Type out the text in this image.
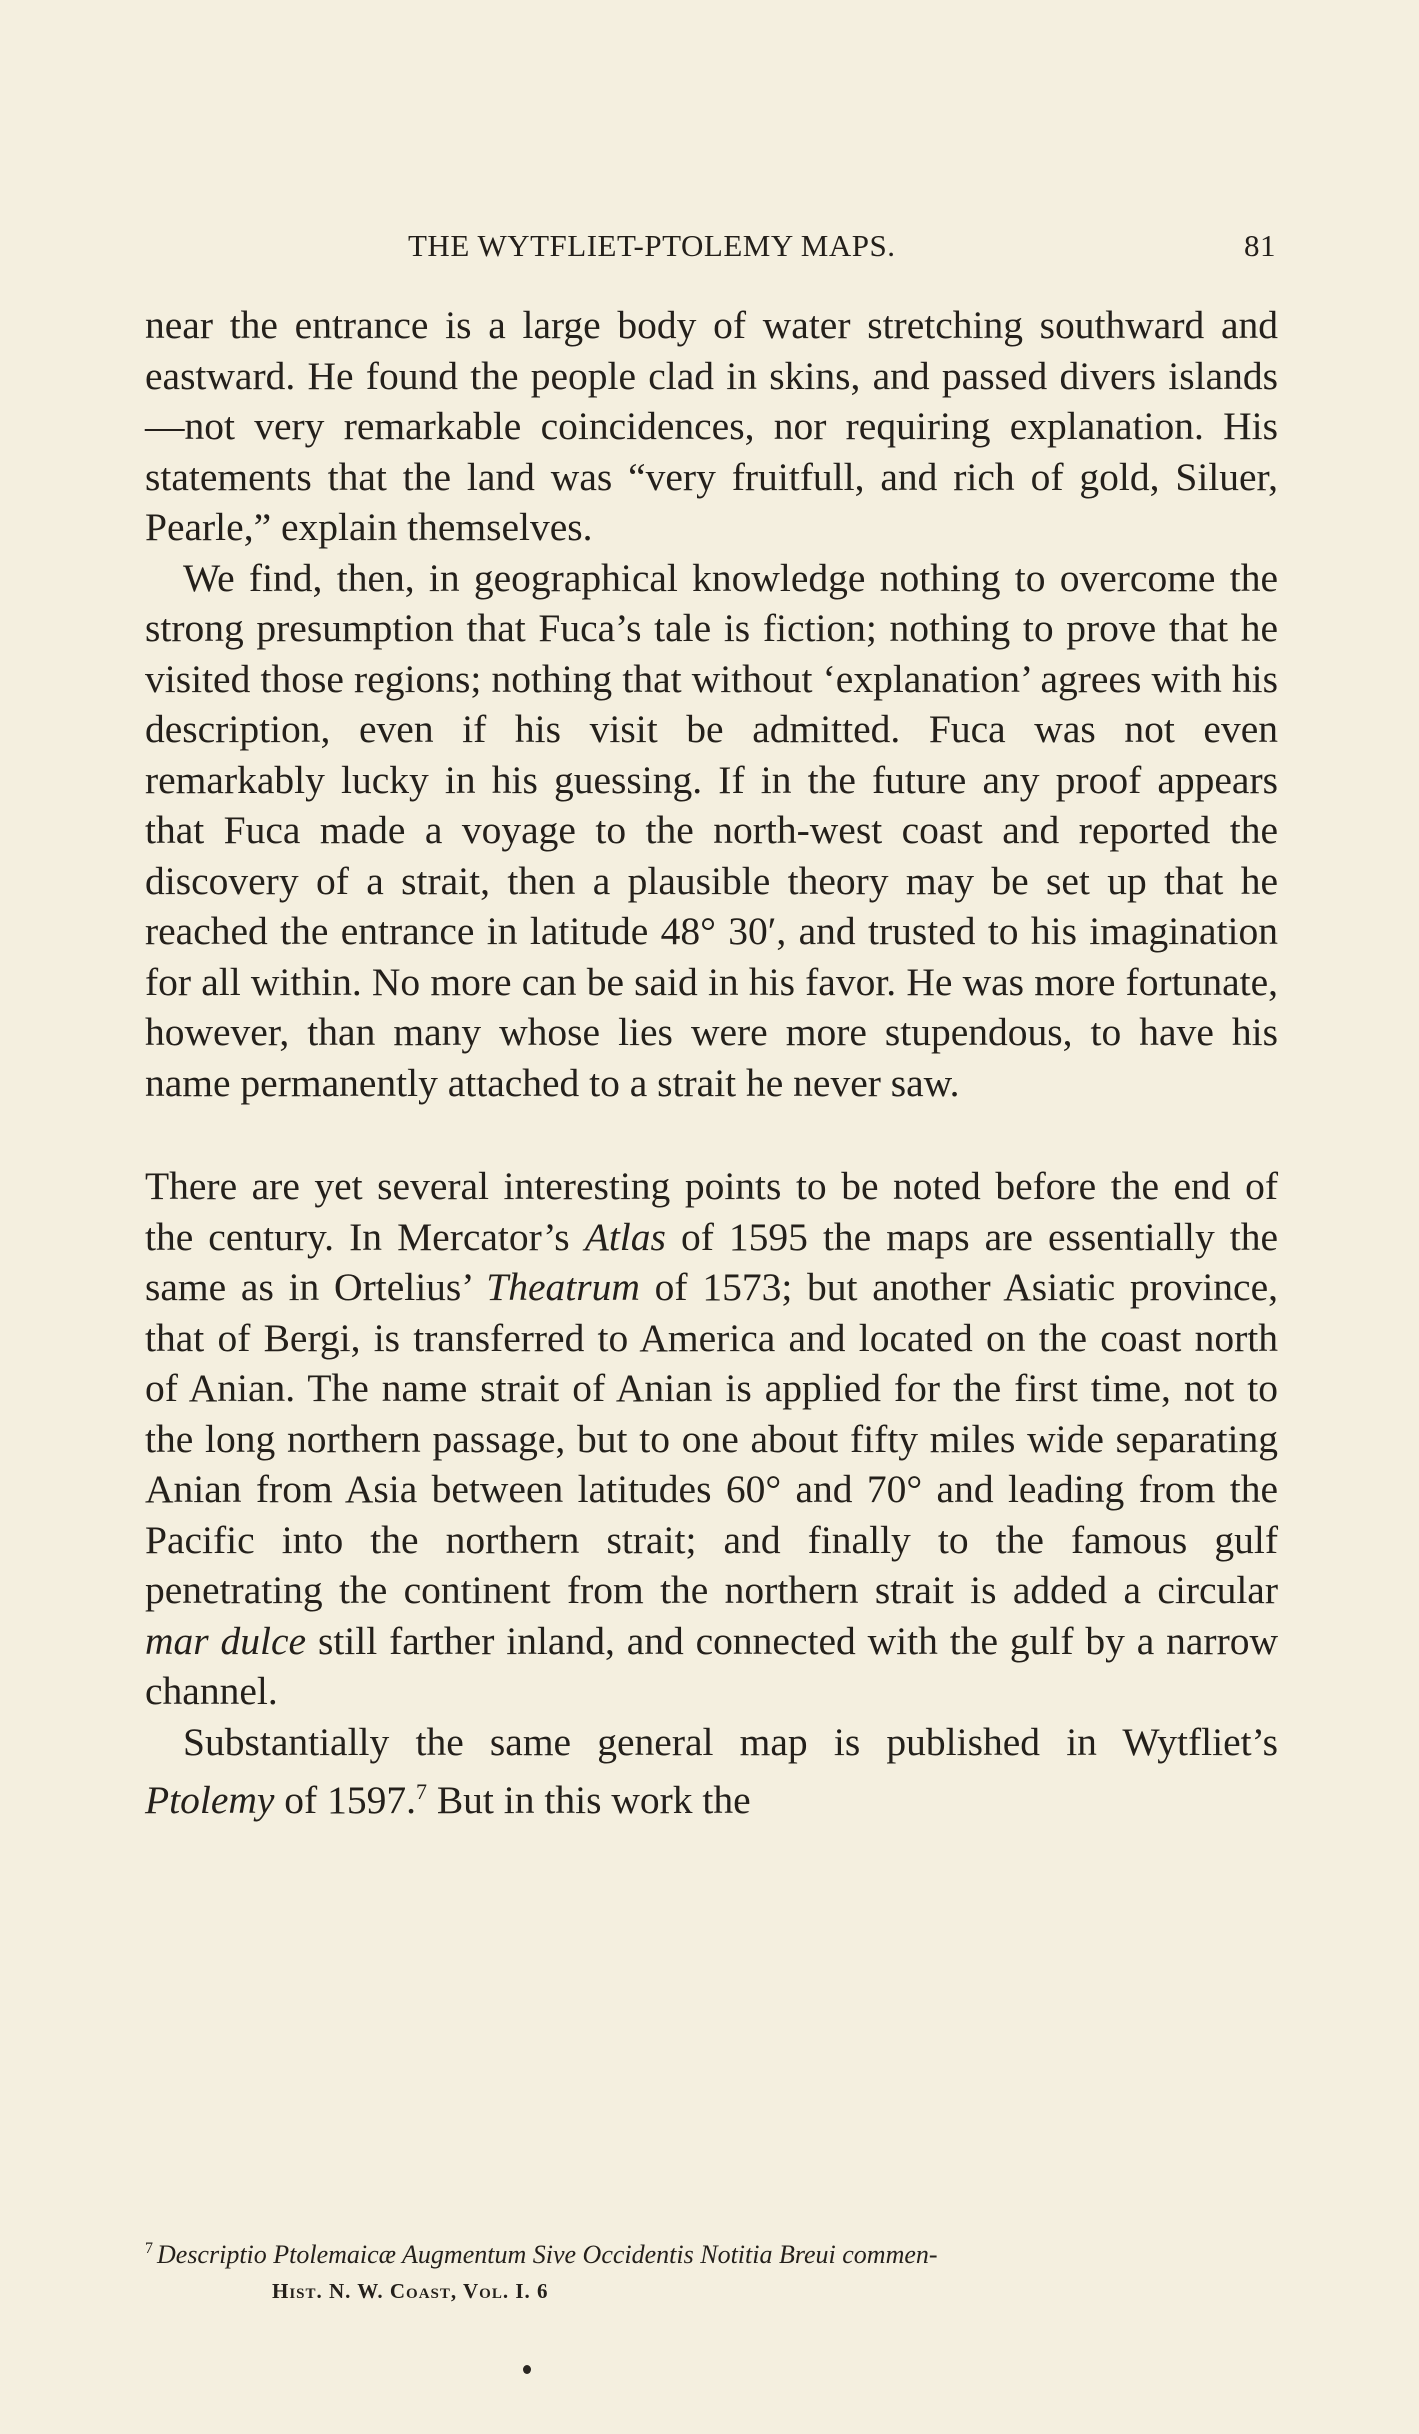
THE WYTFLIET-PTOLEMY MAPS.	81

near the entrance is a large body of water stretching southward and eastward. He found the people clad in skins, and passed divers islands—not very remarkable coincidences, nor requiring explanation. His statements that the land was “very fruitfull, and rich of gold, Siluer, Pearle,” explain themselves.

We find, then, in geographical knowledge nothing to overcome the strong presumption that Fuca’s tale is fiction; nothing to prove that he visited those regions; nothing that without ‘explanation’ agrees with his description, even if his visit be admitted. Fuca was not even remarkably lucky in his guessing. If in the future any proof appears that Fuca made a voyage to the north-west coast and reported the discovery of a strait, then a plausible theory may be set up that he reached the entrance in latitude 48° 30′, and trusted to his imagination for all within. No more can be said in his favor. He was more fortunate, however, than many whose lies were more stupendous, to have his name permanently attached to a strait he never saw.

There are yet several interesting points to be noted before the end of the century. In Mercator’s Atlas of 1595 the maps are essentially the same as in Ortelius’ Theatrum of 1573; but another Asiatic province, that of Bergi, is transferred to America and located on the coast north of Anian. The name strait of Anian is applied for the first time, not to the long northern passage, but to one about fifty miles wide separating Anian from Asia between latitudes 60° and 70° and leading from the Pacific into the northern strait; and finally to the famous gulf penetrating the continent from the northern strait is added a circular mar dulce still farther inland, and connected with the gulf by a narrow channel.

Substantially the same general map is published in Wytfliet’s Ptolemy of 1597.$^7$ But in this work the

$^7$ Descriptio Ptolemaicæ Augmentum Sive Occidentis Notitia Breui commen-
Hist. N. W. Coast, Vol. I. 6
